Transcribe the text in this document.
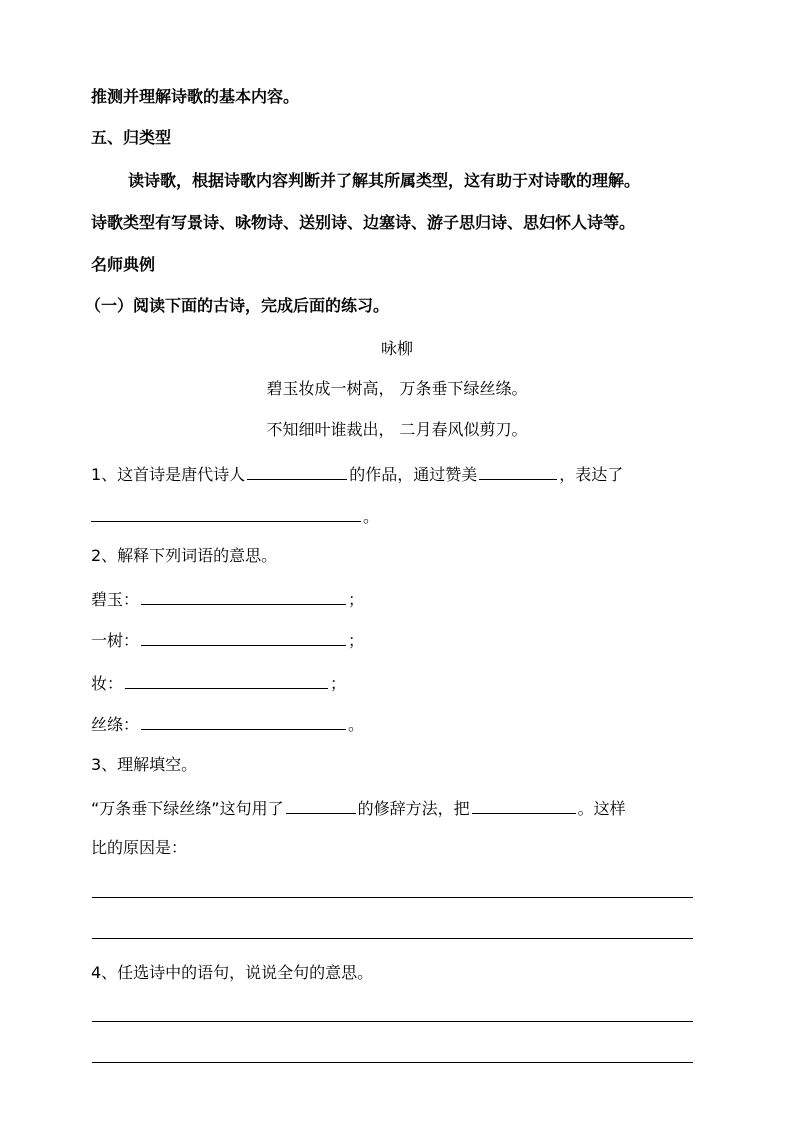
推测并理解诗歌的基本内容。
五、归类型
读诗歌，根据诗歌内容判断并了解其所属类型，这有助于对诗歌的理解。
诗歌类型有写景诗、咏物诗、送别诗、边塞诗、游子思归诗、思妇怀人诗等。
名师典例
（一）阅读下面的古诗，完成后面的练习。
咏柳
碧玉妆成一树高， 万条垂下绿丝绦。
不知细叶谁裁出， 二月春风似剪刀。
1、这首诗是唐代诗人	的作品，通过赞美	，表达了
。
2、解释下列词语的意思。
碧玉：	；
一树：	；
妆：	；
丝绦：	。
3、理解填空。
“万条垂下绿丝绦”这句用了	的修辞方法，把	。这样
比的原因是：
4、任选诗中的语句，说说全句的意思。
